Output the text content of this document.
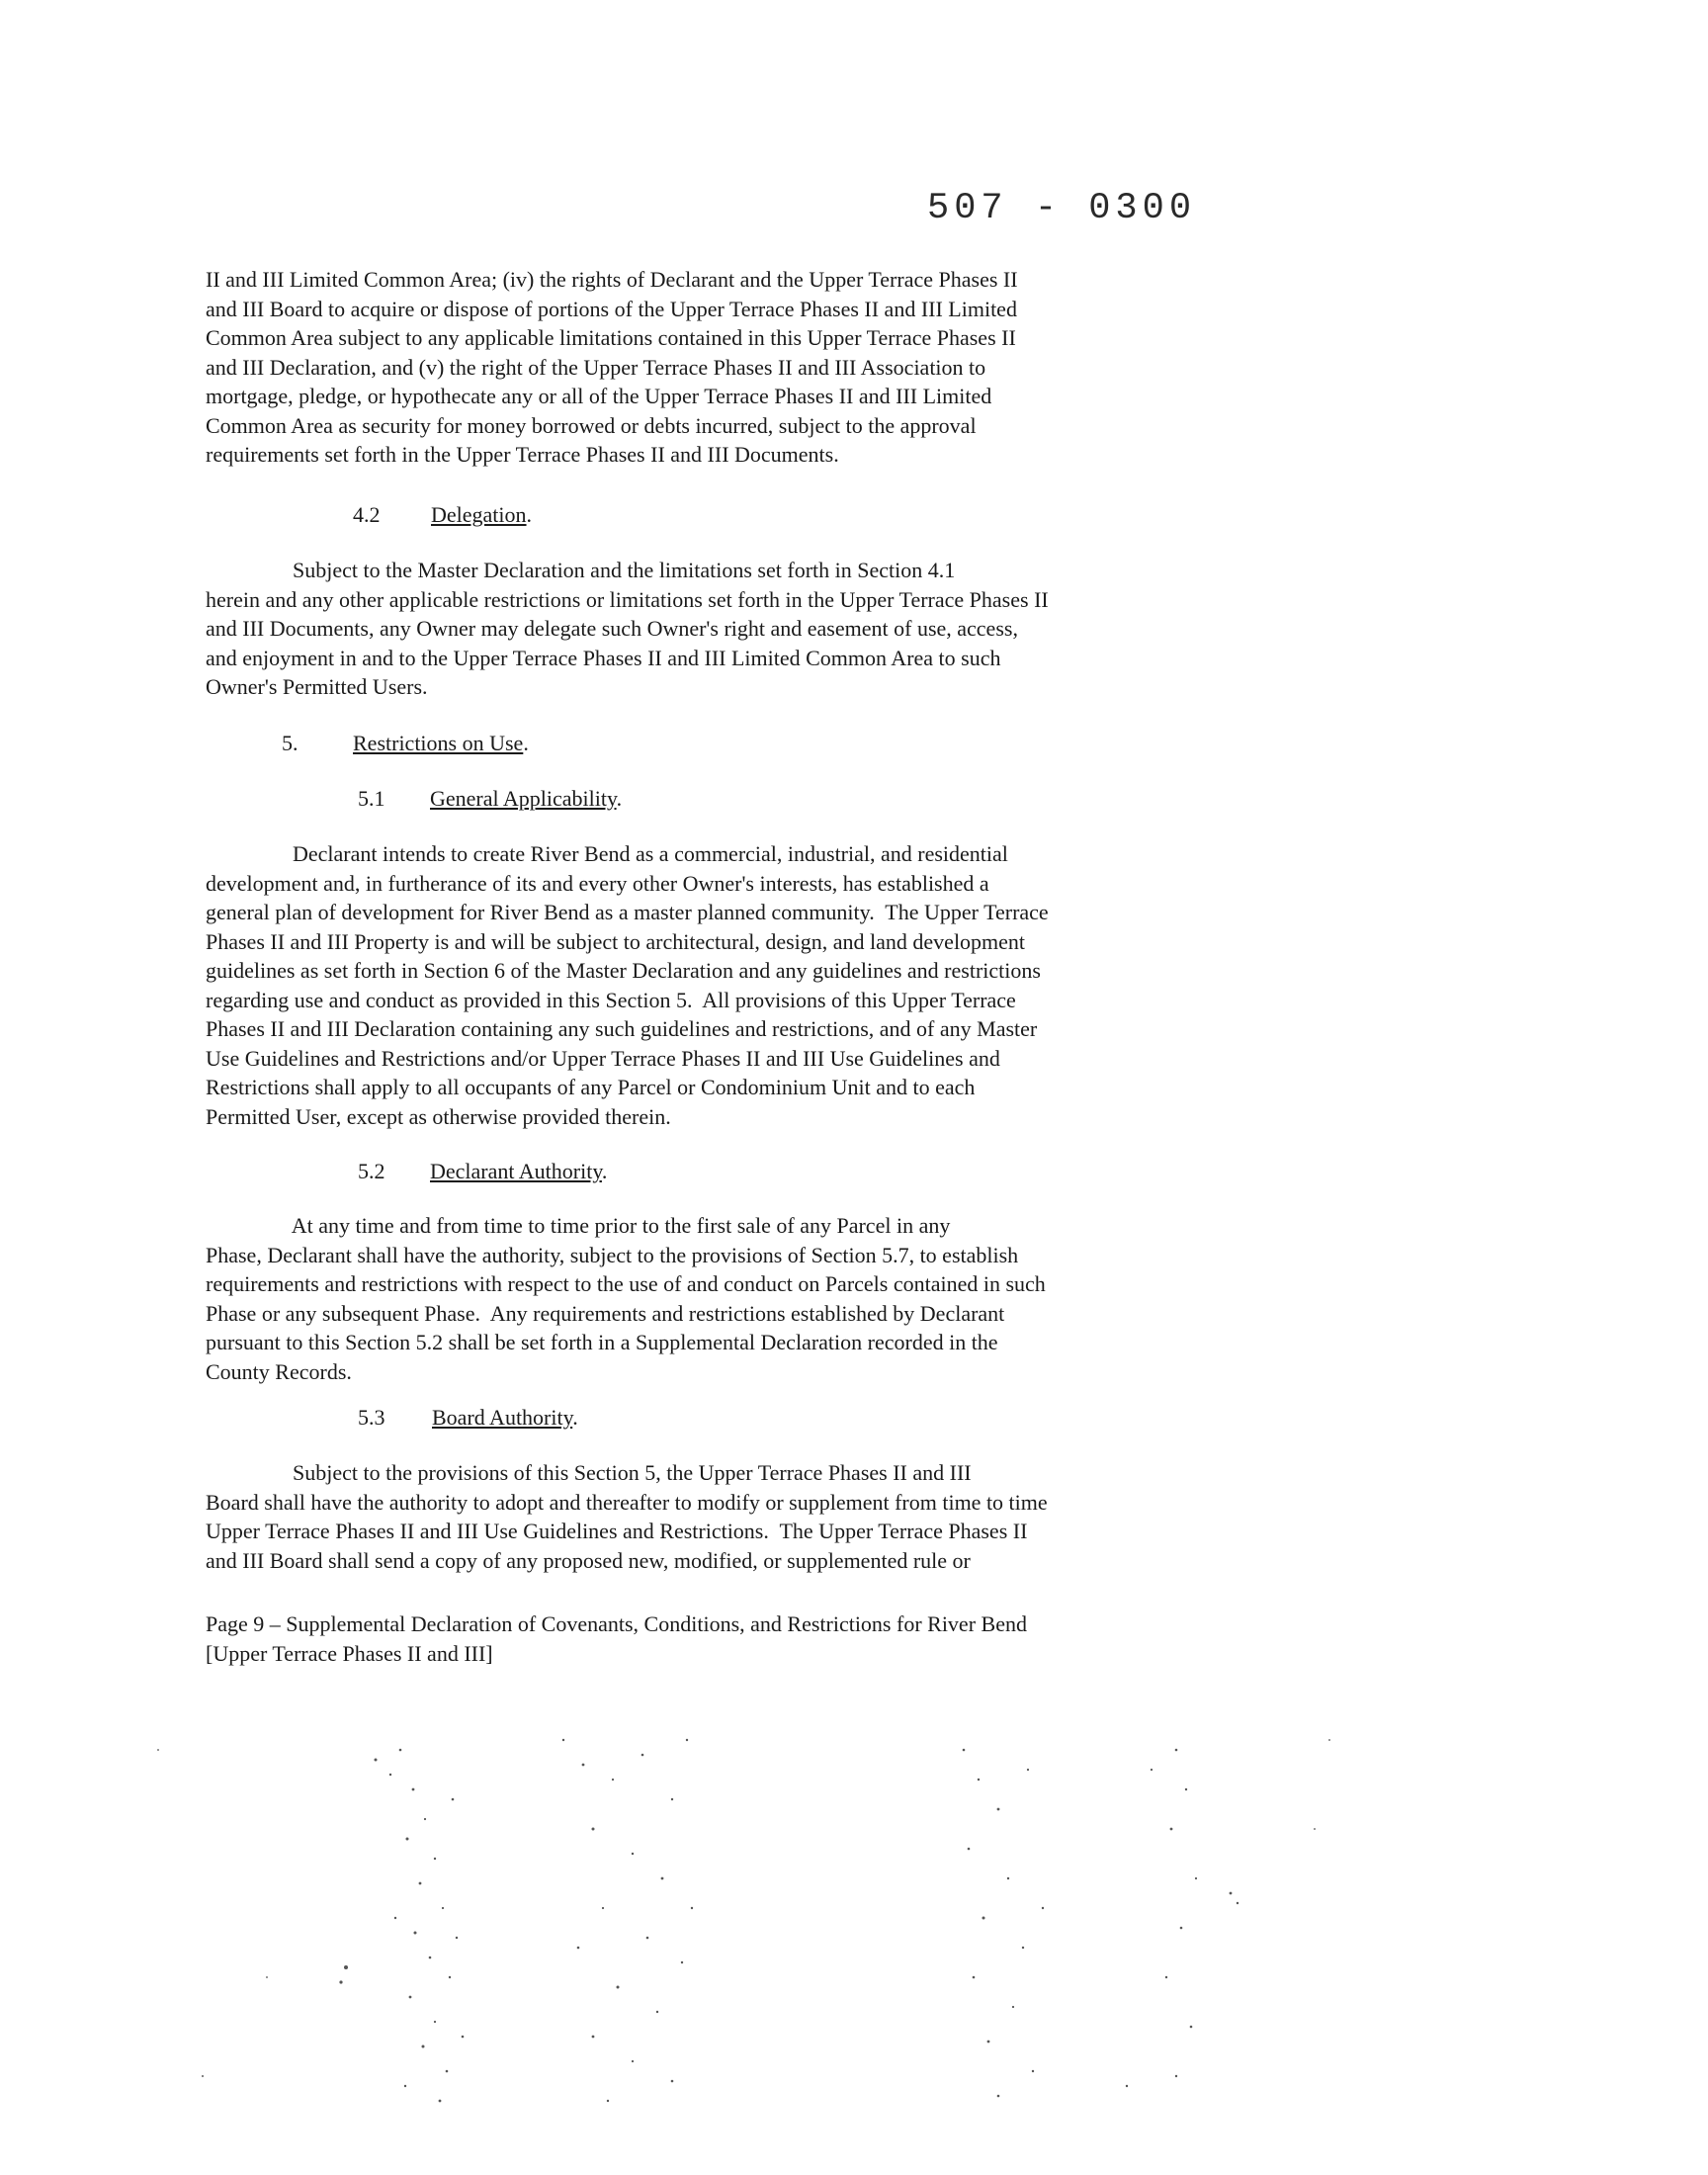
507 - 0300

II and III Limited Common Area; (iv) the rights of Declarant and the Upper Terrace Phases II
and III Board to acquire or dispose of portions of the Upper Terrace Phases II and III Limited
Common Area subject to any applicable limitations contained in this Upper Terrace Phases II
and III Declaration, and (v) the right of the Upper Terrace Phases II and III Association to
mortgage, pledge, or hypothecate any or all of the Upper Terrace Phases II and III Limited
Common Area as security for money borrowed or debts incurred, subject to the approval
requirements set forth in the Upper Terrace Phases II and III Documents.

4.2 Delegation.

Subject to the Master Declaration and the limitations set forth in Section 4.1
herein and any other applicable restrictions or limitations set forth in the Upper Terrace Phases II
and III Documents, any Owner may delegate such Owner's right and easement of use, access,
and enjoyment in and to the Upper Terrace Phases II and III Limited Common Area to such
Owner's Permitted Users.

5.	Restrictions on Use.
5.1 General Applicability.

Declarant intends to create River Bend as a commercial, industrial, and residential
development and, in furtherance of its and every other Owner's interests, has established a
general plan of development for River Bend as a master planned community.  The Upper Terrace
Phases II and III Property is and will be subject to architectural, design, and land development
guidelines as set forth in Section 6 of the Master Declaration and any guidelines and restrictions
regarding use and conduct as provided in this Section 5.  All provisions of this Upper Terrace
Phases II and III Declaration containing any such guidelines and restrictions, and of any Master
Use Guidelines and Restrictions and/or Upper Terrace Phases II and III Use Guidelines and
Restrictions shall apply to all occupants of any Parcel or Condominium Unit and to each
Permitted User, except as otherwise provided therein.

5.2 Declarant Authority.

At any time and from time to time prior to the first sale of any Parcel in any
Phase, Declarant shall have the authority, subject to the provisions of Section 5.7, to establish
requirements and restrictions with respect to the use of and conduct on Parcels contained in such
Phase or any subsequent Phase.  Any requirements and restrictions established by Declarant
pursuant to this Section 5.2 shall be set forth in a Supplemental Declaration recorded in the
County Records.

5.3 Board Authority.

Subject to the provisions of this Section 5, the Upper Terrace Phases II and III
Board shall have the authority to adopt and thereafter to modify or supplement from time to time
Upper Terrace Phases II and III Use Guidelines and Restrictions.  The Upper Terrace Phases II
and III Board shall send a copy of any proposed new, modified, or supplemented rule or

Page 9 – Supplemental Declaration of Covenants, Conditions, and Restrictions for River Bend
[Upper Terrace Phases II and III]
